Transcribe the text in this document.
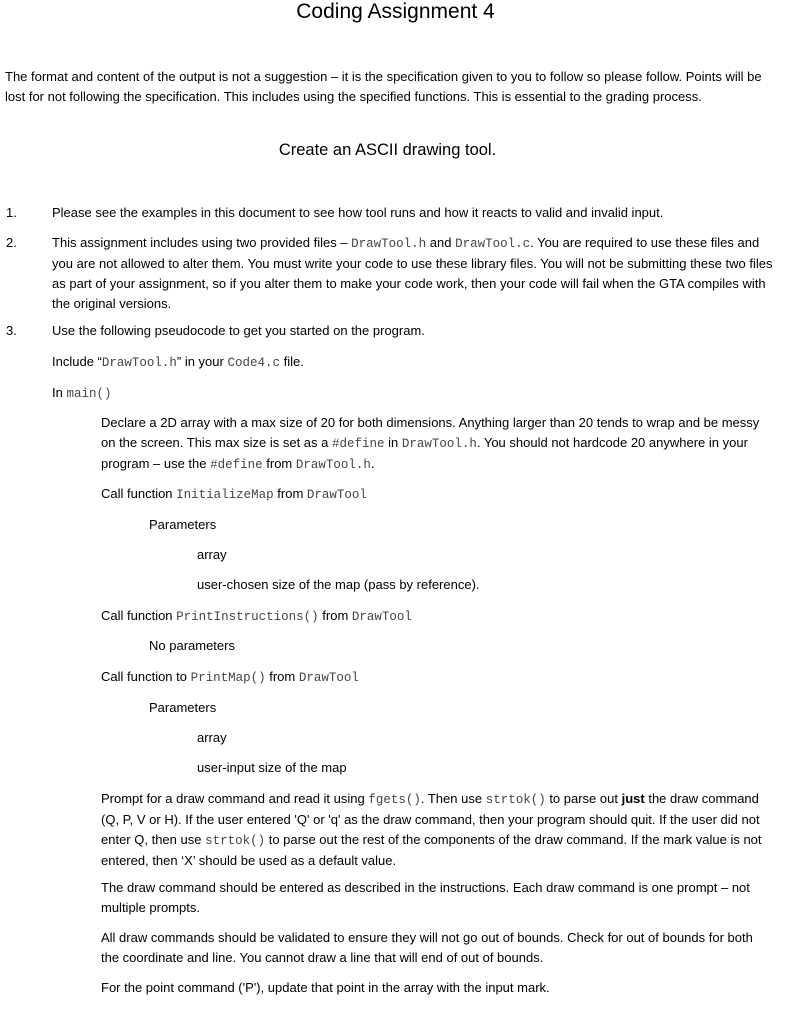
Coding Assignment 4
The format and content of the output is not a suggestion – it is the specification given to you to follow so please follow. Points will be lost for not following the specification. This includes using the specified functions. This is essential to the grading process.
Create an ASCII drawing tool.
1.	Please see the examples in this document to see how tool runs and how it reacts to valid and invalid input.
2.	This assignment includes using two provided files – DrawTool.h and DrawTool.c. You are required to use these files and you are not allowed to alter them. You must write your code to use these library files. You will not be submitting these two files as part of your assignment, so if you alter them to make your code work, then your code will fail when the GTA compiles with the original versions.
3.	Use the following pseudocode to get you started on the program.
Include “DrawTool.h” in your Code4.c file.
In main()
Declare a 2D array with a max size of 20 for both dimensions. Anything larger than 20 tends to wrap and be messy on the screen. This max size is set as a #define in DrawTool.h. You should not hardcode 20 anywhere in your program – use the #define from DrawTool.h.
Call function InitializeMap from DrawTool
Parameters
array
user-chosen size of the map (pass by reference).
Call function PrintInstructions() from DrawTool
No parameters
Call function to PrintMap() from DrawTool
Parameters
array
user-input size of the map
Prompt for a draw command and read it using fgets(). Then use strtok() to parse out just the draw command (Q, P, V or H). If the user entered 'Q' or 'q' as the draw command, then your program should quit. If the user did not enter Q, then use strtok() to parse out the rest of the components of the draw command. If the mark value is not entered, then ‘X’ should be used as a default value.
The draw command should be entered as described in the instructions. Each draw command is one prompt – not multiple prompts.
All draw commands should be validated to ensure they will not go out of bounds. Check for out of bounds for both the coordinate and line. You cannot draw a line that will end of out of bounds.
For the point command ('P'), update that point in the array with the input mark.
